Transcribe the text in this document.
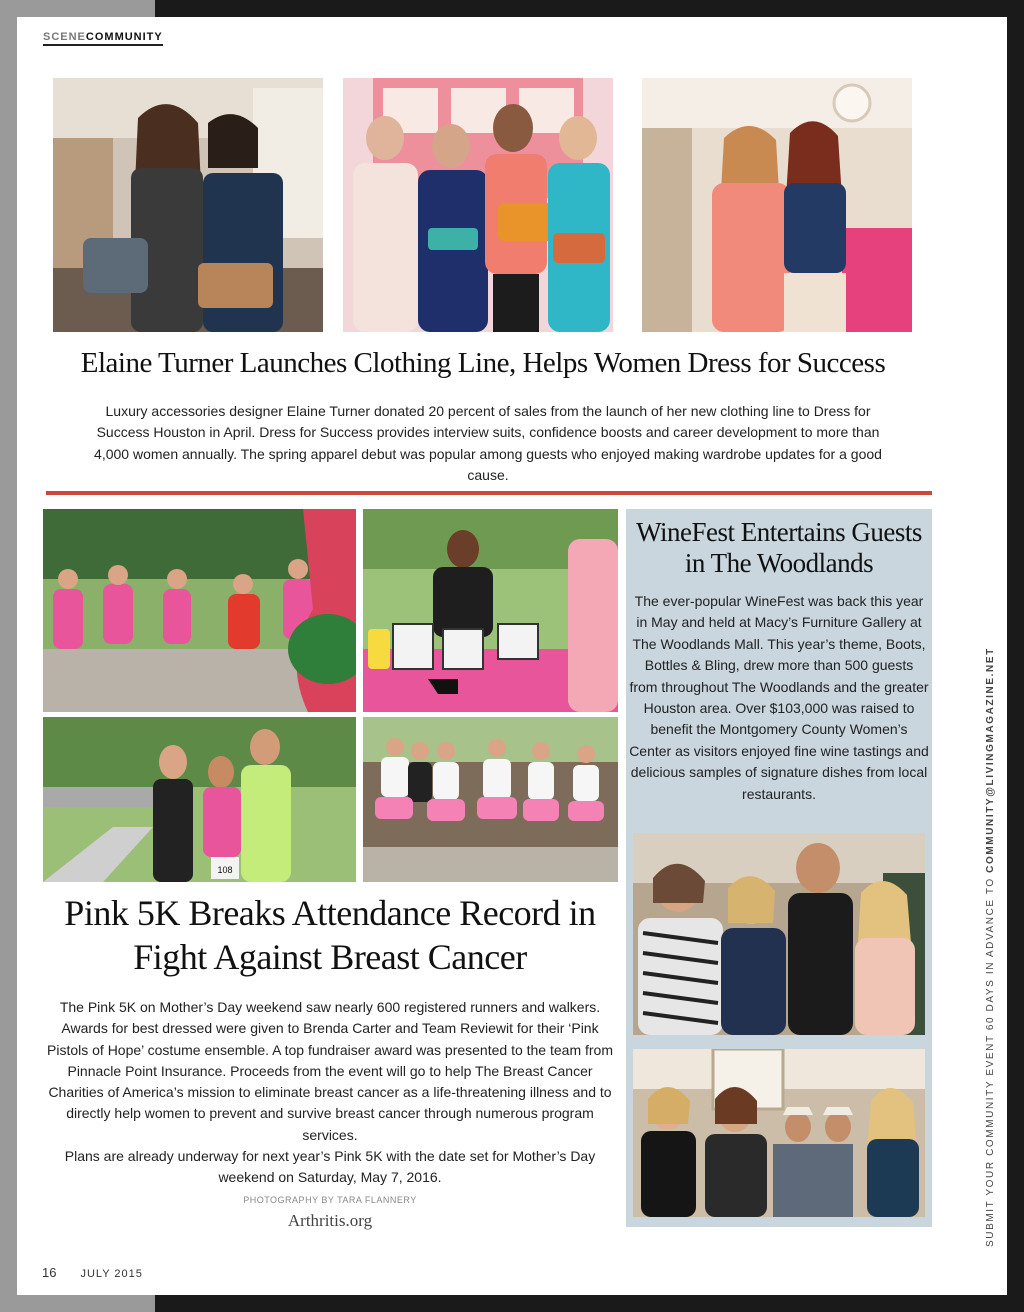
SCENECOMMUNITY
Elaine Turner Launches Clothing Line, Helps Women Dress for Success
Luxury accessories designer Elaine Turner donated 20 percent of sales from the launch of her new clothing line to Dress for Success Houston in April. Dress for Success provides interview suits, confidence boosts and career development to more than 4,000 women annually. The spring apparel debut was popular among guests who enjoyed making wardrobe updates for a good cause.
108
Pink 5K Breaks Attendance Record in
Fight Against Breast Cancer
The Pink 5K on Mother’s Day weekend saw nearly 600 registered runners and walkers. Awards for best dressed were given to Brenda Carter and Team Reviewit for their ‘Pink Pistols of Hope’ costume ensemble. A top fundraiser award was presented to the team from Pinnacle Point Insurance. Proceeds from the event will go to help The Breast Cancer Charities of America’s mission to eliminate breast cancer as a life-threatening illness and to directly help women to prevent and survive breast cancer through numerous program services.
Plans are already underway for next year’s Pink 5K with the date set for Mother’s Day weekend on Saturday, May 7, 2016.
PHOTOGRAPHY BY TARA FLANNERY
Arthritis.org
WineFest Entertains Guests
in The Woodlands
The ever-popular WineFest was back this year in May and held at Macy’s Furniture Gallery at The Woodlands Mall. This year’s theme, Boots, Bottles & Bling, drew more than 500 guests from throughout The Woodlands and the greater Houston area. Over $103,000 was raised to benefit the Montgomery County Women’s Center as visitors enjoyed fine wine tastings and delicious samples of signature dishes from local restaurants.
16 JULY 2015
SUBMIT YOUR COMMUNITY EVENT 60 DAYS IN ADVANCE TO COMMUNITY@LIVINGMAGAZINE.NET
